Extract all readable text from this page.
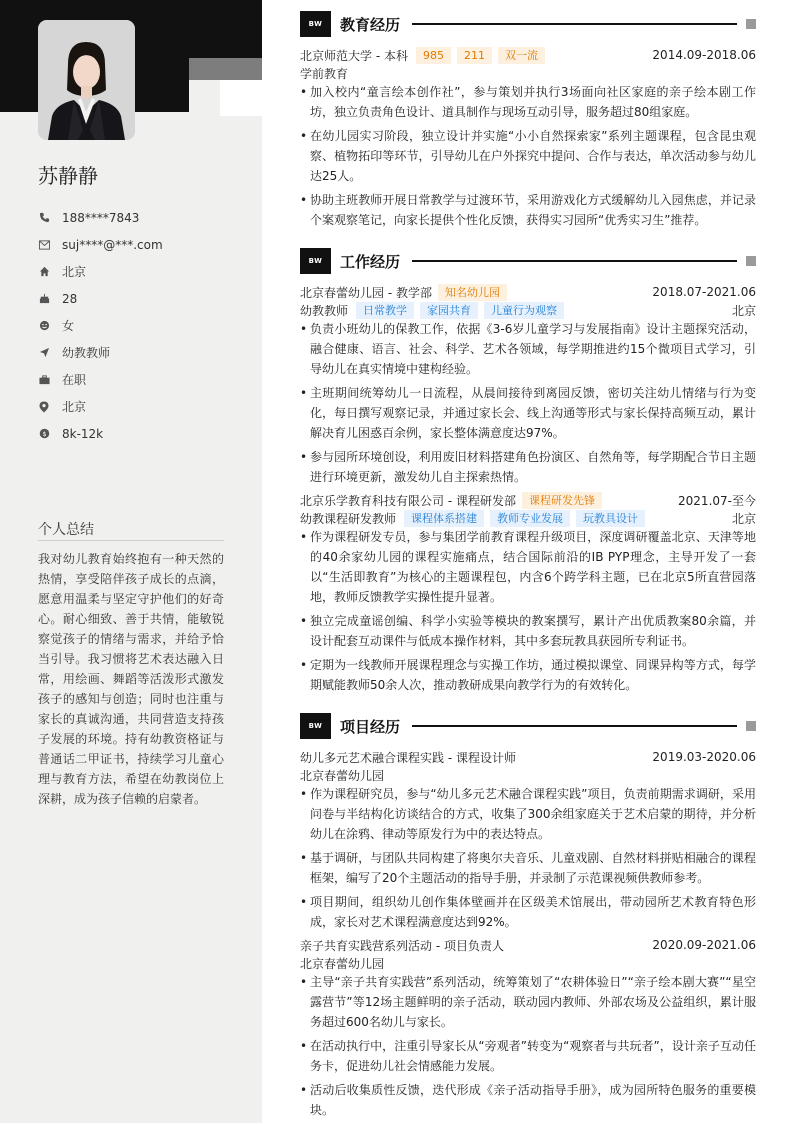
苏静静
188****7843
suj****@***.com
北京
28
女
幼教教师
在职
北京
$ 8k-12k
个人总结
我对幼儿教育始终抱有一种天然的热情，享受陪伴孩子成长的点滴，愿意用温柔与坚定守护他们的好奇心。耐心细致、善于共情，能敏锐察觉孩子的情绪与需求，并给予恰当引导。我习惯将艺术表达融入日常，用绘画、舞蹈等活泼形式激发孩子的感知与创造；同时也注重与家长的真诚沟通，共同营造支持孩子发展的环境。持有幼教资格证与普通话二甲证书，持续学习儿童心理与教育方法，希望在幼教岗位上深耕，成为孩子信赖的启蒙者。
BW	教育经历
北京师范大学 - 本科	985	211	双一流	2014.09-2018.06
学前教育
• 加入校内“童言绘本创作社”，参与策划并执行3场面向社区家庭的亲子绘本剧工作坊，独立负责角色设计、道具制作与现场互动引导，服务超过80组家庭。
• 在幼儿园实习阶段，独立设计并实施“小小自然探索家”系列主题课程，包含昆虫观察、植物拓印等环节，引导幼儿在户外探究中提问、合作与表达，单次活动参与幼儿达25人。
• 协助主班教师开展日常教学与过渡环节，采用游戏化方式缓解幼儿入园焦虑，并记录个案观察笔记，向家长提供个性化反馈，获得实习园所“优秀实习生”推荐。
BW	工作经历
北京春蕾幼儿园 - 教学部	知名幼儿园	2018.07-2021.06
幼教教师	日常教学	家园共育	儿童行为观察	北京
• 负责小班幼儿的保教工作，依据《3-6岁儿童学习与发展指南》设计主题探究活动，融合健康、语言、社会、科学、艺术各领域，每学期推进约15个微项目式学习，引导幼儿在真实情境中建构经验。
• 主班期间统筹幼儿一日流程，从晨间接待到离园反馈，密切关注幼儿情绪与行为变化，每日撰写观察记录，并通过家长会、线上沟通等形式与家长保持高频互动，累计解决育儿困惑百余例，家长整体满意度达97%。
• 参与园所环境创设，利用废旧材料搭建角色扮演区、自然角等，每学期配合节日主题进行环境更新，激发幼儿自主探索热情。
北京乐学教育科技有限公司 - 课程研发部	课程研发先锋	2021.07-至今
幼教课程研发教师	课程体系搭建	教师专业发展	玩教具设计	北京
• 作为课程研发专员，参与集团学前教育课程升级项目，深度调研覆盖北京、天津等地的40余家幼儿园的课程实施痛点，结合国际前沿的IB PYP理念，主导开发了一套以“生活即教育”为核心的主题课程包，内含6个跨学科主题，已在北京5所直营园落地，教师反馈教学实操性提升显著。
• 独立完成童谣创编、科学小实验等模块的教案撰写，累计产出优质教案80余篇，并设计配套互动课件与低成本操作材料，其中多套玩教具获园所专利证书。
• 定期为一线教师开展课程理念与实操工作坊，通过模拟课堂、同课异构等方式，每学期赋能教师50余人次，推动教研成果向教学行为的有效转化。
BW	项目经历
幼儿多元艺术融合课程实践 - 课程设计师	2019.03-2020.06
北京春蕾幼儿园
• 作为课程研究员，参与“幼儿多元艺术融合课程实践”项目，负责前期需求调研，采用问卷与半结构化访谈结合的方式，收集了300余组家庭关于艺术启蒙的期待，并分析幼儿在涂鸦、律动等原发行为中的表达特点。
• 基于调研，与团队共同构建了将奥尔夫音乐、儿童戏剧、自然材料拼贴相融合的课程框架，编写了20个主题活动的指导手册，并录制了示范课视频供教师参考。
• 项目期间，组织幼儿创作集体壁画并在区级美术馆展出，带动园所艺术教育特色形成，家长对艺术课程满意度达到92%。
亲子共育实践营系列活动 - 项目负责人	2020.09-2021.06
北京春蕾幼儿园
• 主导“亲子共育实践营”系列活动，统筹策划了“农耕体验日”“亲子绘本剧大赛”“星空露营节”等12场主题鲜明的亲子活动，联动园内教师、外部农场及公益组织，累计服务超过600名幼儿与家长。
• 在活动执行中，注重引导家长从“旁观者”转变为“观察者与共玩者”，设计亲子互动任务卡，促进幼儿社会情感能力发展。
• 活动后收集质性反馈，迭代形成《亲子活动指导手册》，成为园所特色服务的重要模块。
